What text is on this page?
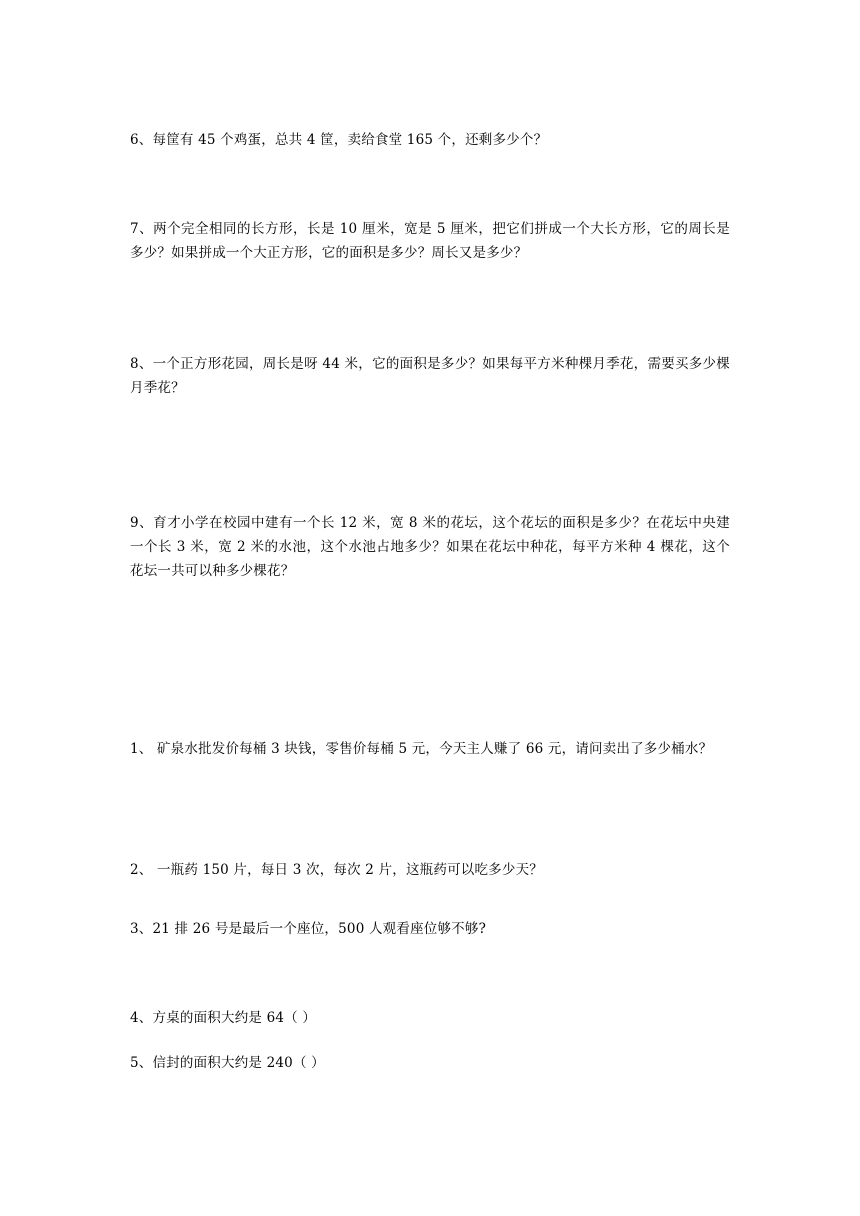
6、每筐有 45 个鸡蛋，总共 4 筐，卖给食堂 165 个，还剩多少个？

7、两个完全相同的长方形，长是 10 厘米，宽是 5 厘米，把它们拼成一个大长方形，它的周长是多少？如果拼成一个大正方形，它的面积是多少？周长又是多少？

8、一个正方形花园，周长是呀 44 米，它的面积是多少？如果每平方米种棵月季花，需要买多少棵月季花？

9、育才小学在校园中建有一个长 12 米，宽 8 米的花坛，这个花坛的面积是多少？在花坛中央建一个长 3 米，宽 2 米的水池，这个水池占地多少？如果在花坛中种花，每平方米种 4 棵花，这个花坛一共可以种多少棵花？

1、 矿泉水批发价每桶 3 块钱，零售价每桶 5 元，今天主人赚了 66 元，请问卖出了多少桶水？

2、 一瓶药 150 片，每日 3 次，每次 2 片，这瓶药可以吃多少天？

3、21 排 26 号是最后一个座位，500 人观看座位够不够?

4、方桌的面积大约是 64（ ）

5、信封的面积大约是 240（ ）
